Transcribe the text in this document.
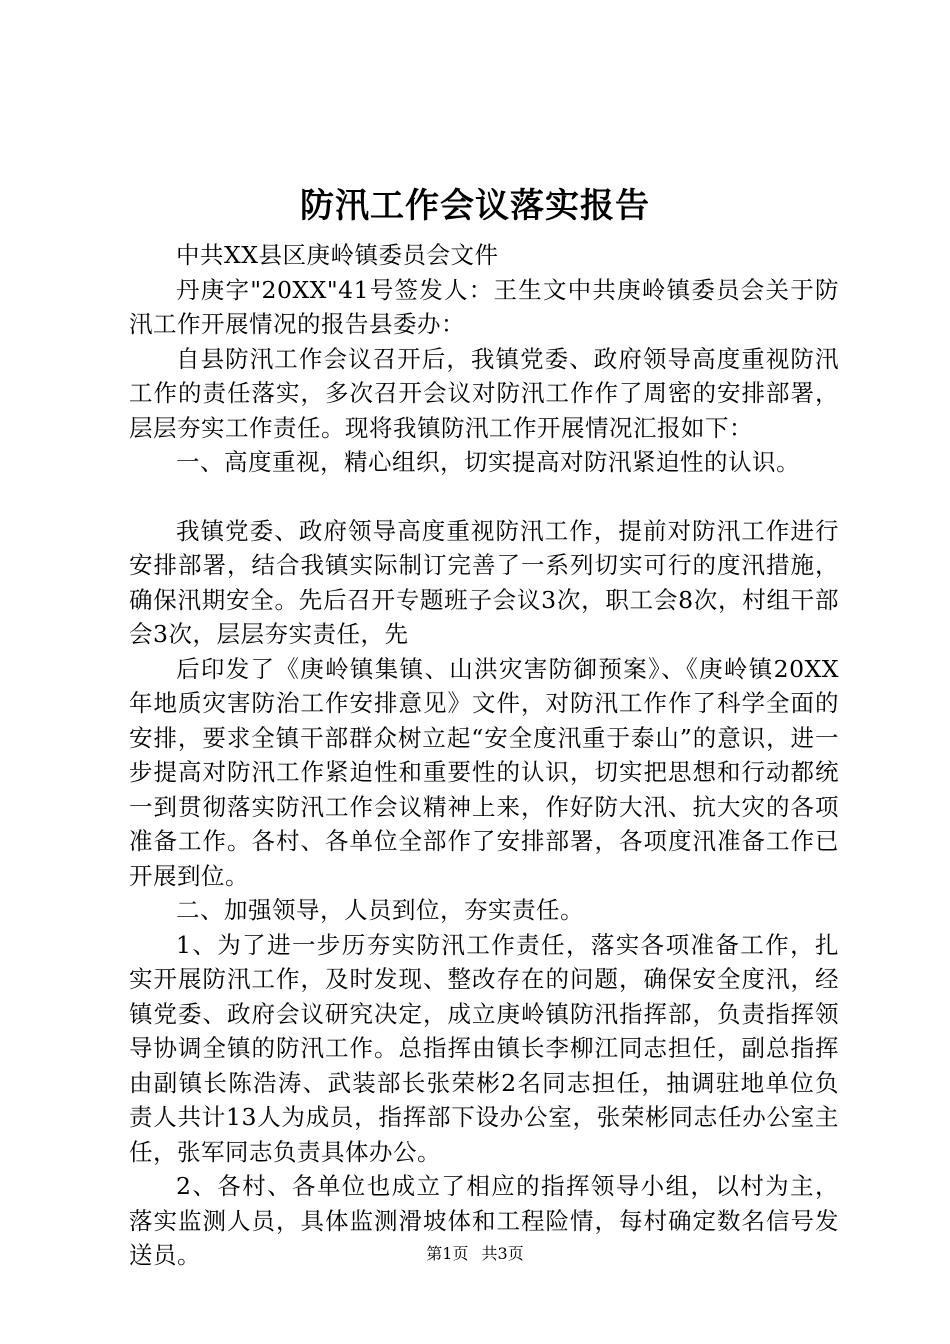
防汛工作会议落实报告

中共XX县区庚岭镇委员会文件

丹庚字"20XX"41号签发人：王生文中共庚岭镇委员会关于防汛工作开展情况的报告县委办：

自县防汛工作会议召开后，我镇党委、政府领导高度重视防汛工作的责任落实，多次召开会议对防汛工作作了周密的安排部署，层层夯实工作责任。现将我镇防汛工作开展情况汇报如下：

一、高度重视，精心组织，切实提高对防汛紧迫性的认识。

我镇党委、政府领导高度重视防汛工作，提前对防汛工作进行安排部署，结合我镇实际制订完善了一系列切实可行的度汛措施，确保汛期安全。先后召开专题班子会议3次，职工会8次，村组干部会3次，层层夯实责任，先

后印发了《庚岭镇集镇、山洪灾害防御预案》、《庚岭镇20XX年地质灾害防治工作安排意见》文件，对防汛工作作了科学全面的安排，要求全镇干部群众树立起“安全度汛重于泰山”的意识，进一步提高对防汛工作紧迫性和重要性的认识，切实把思想和行动都统一到贯彻落实防汛工作会议精神上来，作好防大汛、抗大灾的各项准备工作。各村、各单位全部作了安排部署，各项度汛准备工作已开展到位。

二、加强领导，人员到位，夯实责任。

1、为了进一步历夯实防汛工作责任，落实各项准备工作，扎实开展防汛工作，及时发现、整改存在的问题，确保安全度汛，经镇党委、政府会议研究决定，成立庚岭镇防汛指挥部，负责指挥领导协调全镇的防汛工作。总指挥由镇长李柳江同志担任，副总指挥由副镇长陈浩涛、武装部长张荣彬2名同志担任，抽调驻地单位负责人共计13人为成员，指挥部下设办公室，张荣彬同志任办公室主任，张军同志负责具体办公。

2、各村、各单位也成立了相应的指挥领导小组，以村为主，落实监测人员，具体监测滑坡体和工程险情，每村确定数名信号发送员。	第1页 共3页
